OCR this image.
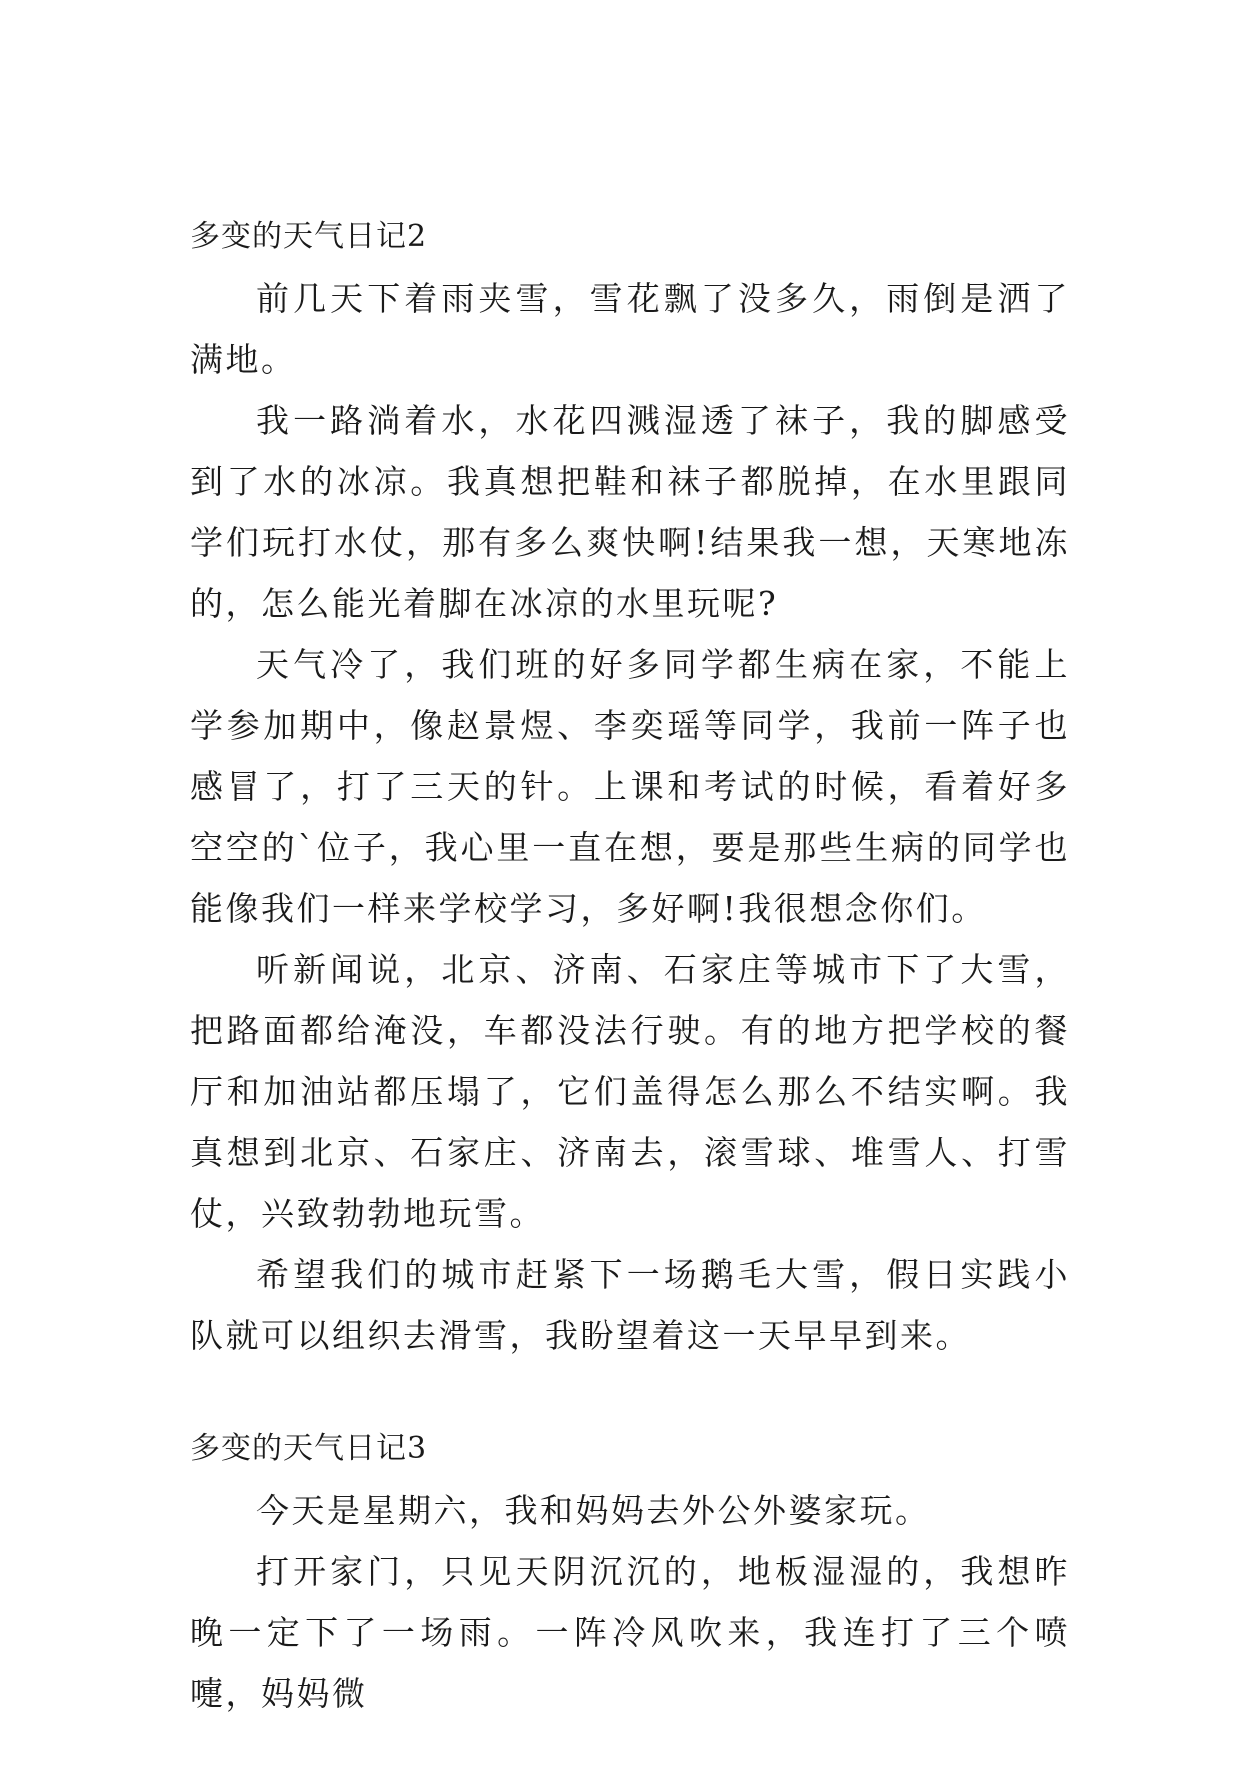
多变的天气日记2

前几天下着雨夹雪，雪花飘了没多久，雨倒是洒了满地。

我一路淌着水，水花四溅湿透了袜子，我的脚感受到了水的冰凉。我真想把鞋和袜子都脱掉，在水里跟同学们玩打水仗，那有多么爽快啊!结果我一想，天寒地冻的，怎么能光着脚在冰凉的水里玩呢?

天气冷了，我们班的好多同学都生病在家，不能上学参加期中，像赵景煜、李奕瑶等同学，我前一阵子也感冒了，打了三天的针。上课和考试的时候，看着好多空空的`位子，我心里一直在想，要是那些生病的同学也能像我们一样来学校学习，多好啊!我很想念你们。

听新闻说，北京、济南、石家庄等城市下了大雪，把路面都给淹没，车都没法行驶。有的地方把学校的餐厅和加油站都压塌了，它们盖得怎么那么不结实啊。我真想到北京、石家庄、济南去，滚雪球、堆雪人、打雪仗，兴致勃勃地玩雪。

希望我们的城市赶紧下一场鹅毛大雪，假日实践小队就可以组织去滑雪，我盼望着这一天早早到来。

多变的天气日记3

今天是星期六，我和妈妈去外公外婆家玩。

打开家门，只见天阴沉沉的，地板湿湿的，我想昨晚一定下了一场雨。一阵冷风吹来，我连打了三个喷嚏，妈妈微
